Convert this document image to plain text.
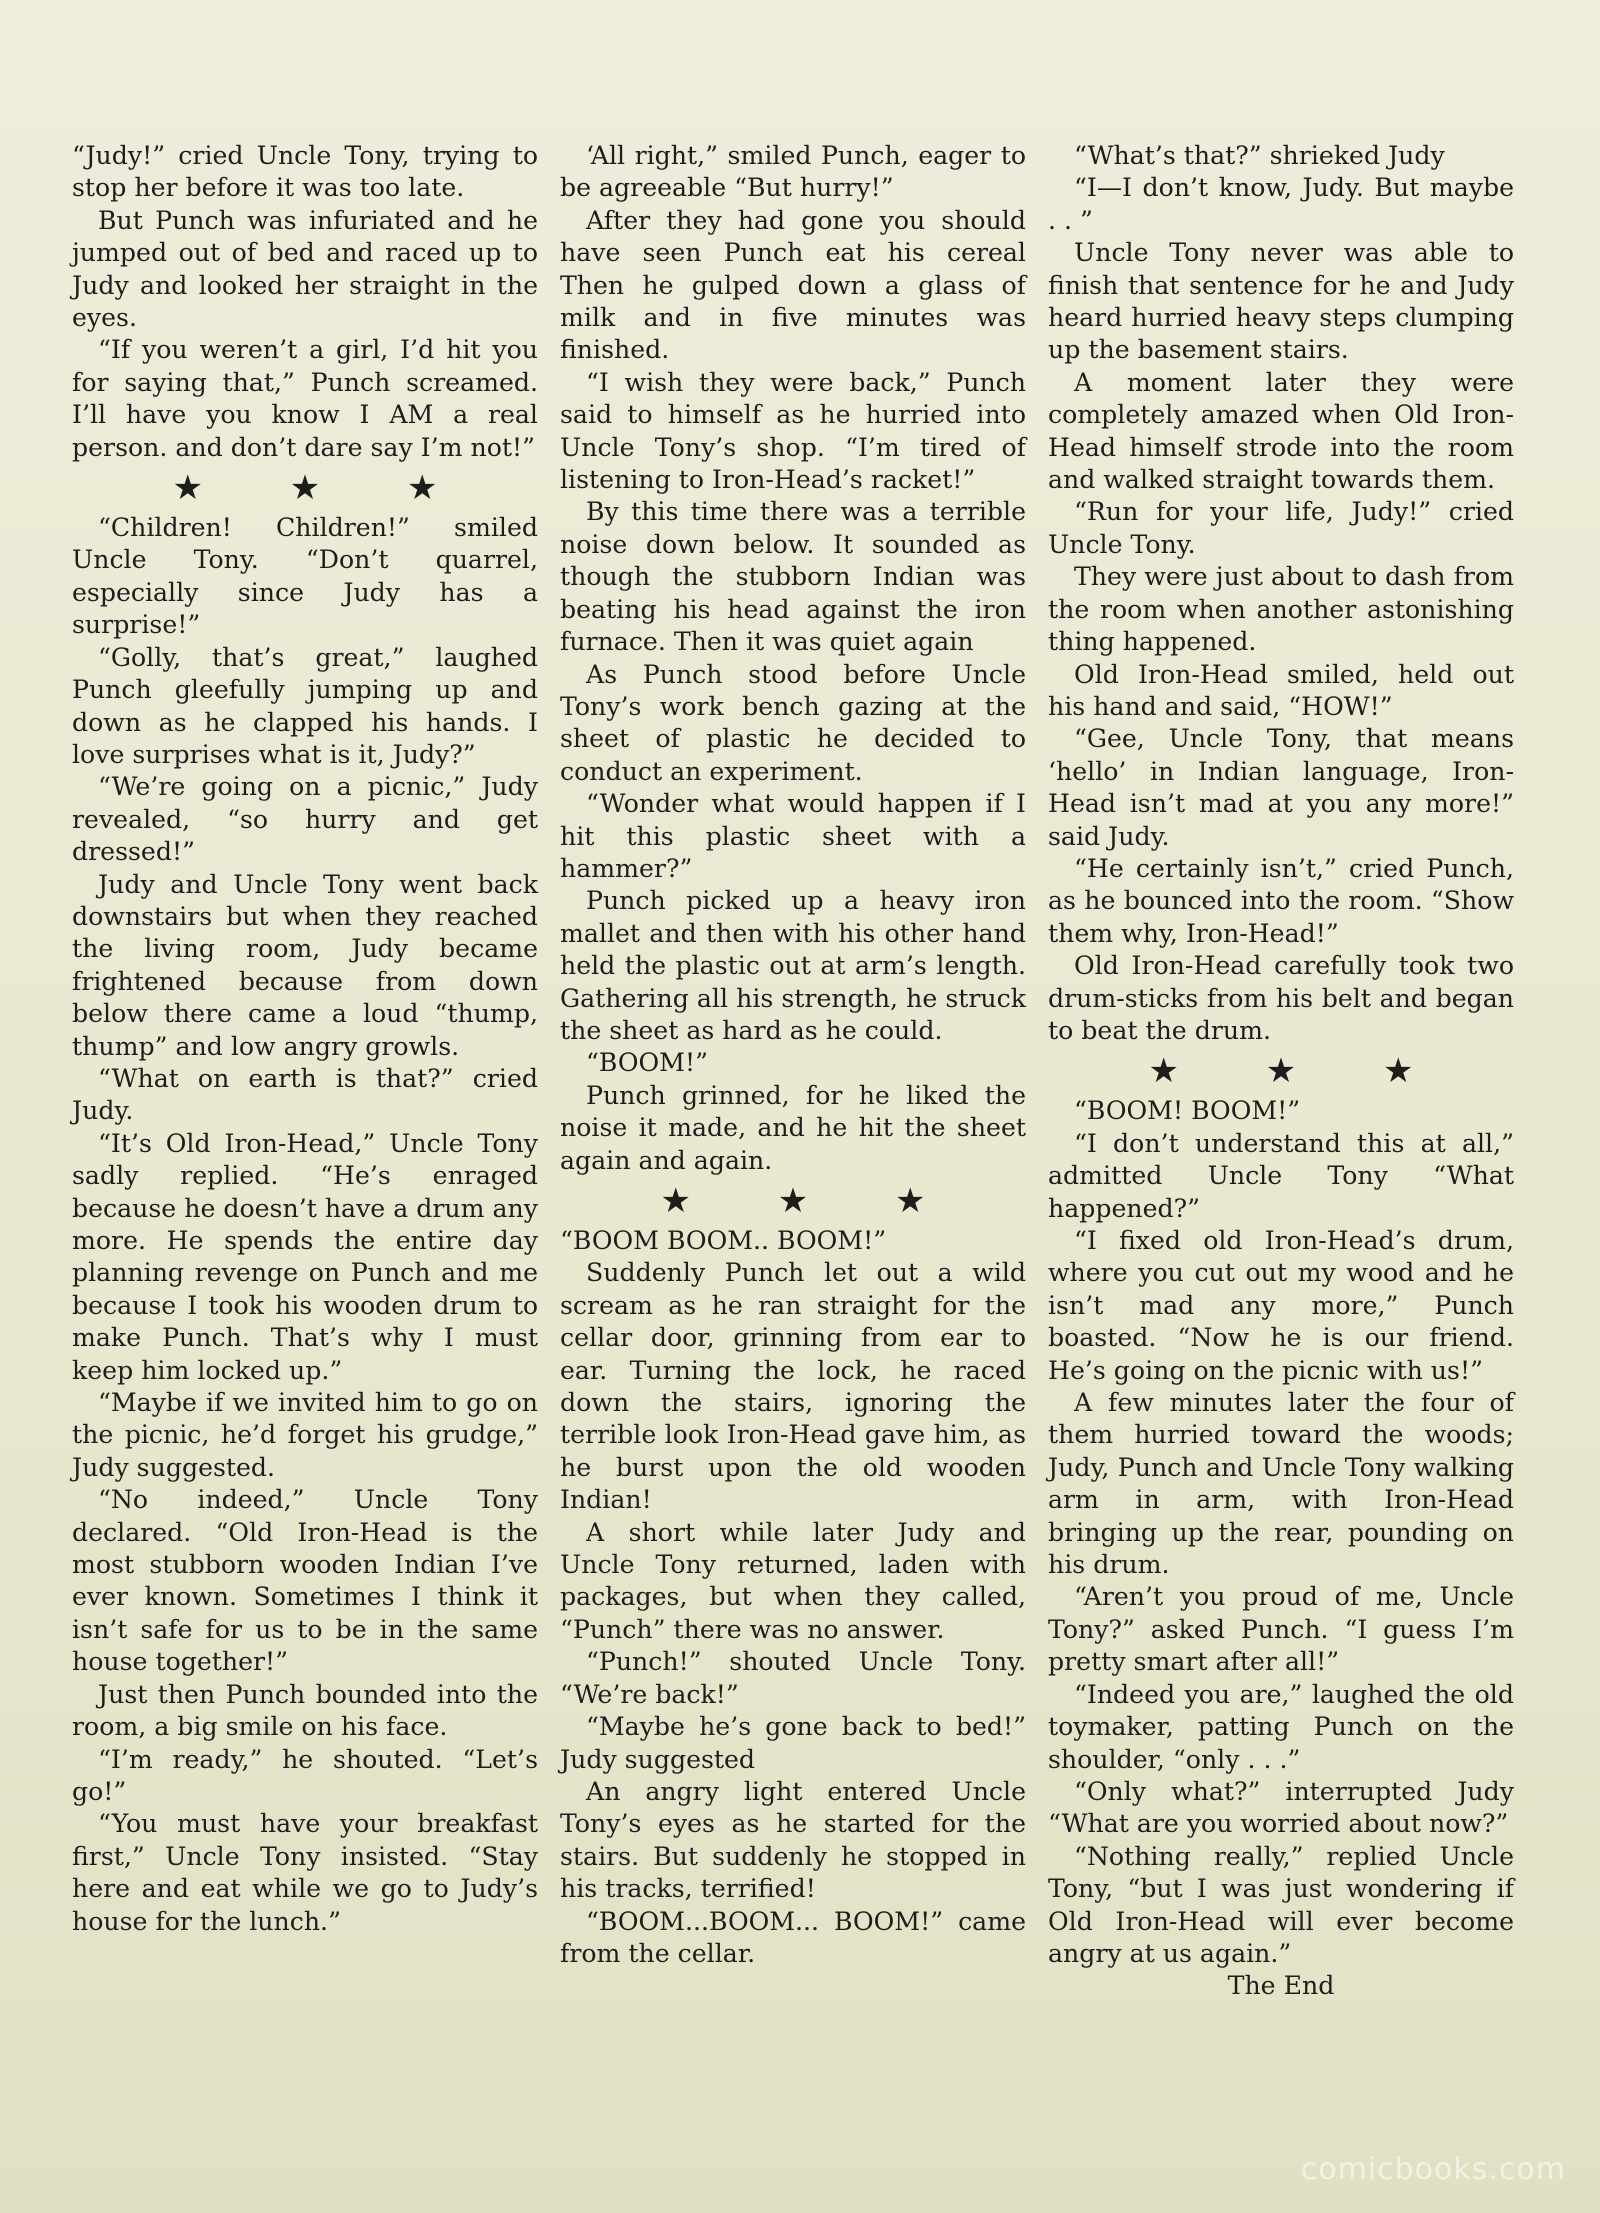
“Judy!” cried Uncle Tony, trying to stop her before it was too late.

But Punch was infuriated and he jumped out of bed and raced up to Judy and looked her straight in the eyes.

“If you weren’t a girl, I’d hit you for saying that,” Punch screamed. I’ll have you know I AM a real person. and don’t dare say I’m not!”

★ ★ ★

“Children! Children!” smiled Uncle Tony. “Don’t quarrel, especially since Judy has a surprise!”

“Golly, that’s great,” laughed Punch gleefully jumping up and down as he clapped his hands. I love surprises what is it, Judy?”

“We’re going on a picnic,” Judy revealed, “so hurry and get dressed!”

Judy and Uncle Tony went back downstairs but when they reached the living room, Judy became frightened because from down below there came a loud “thump, thump” and low angry growls.

“What on earth is that?” cried Judy.

“It’s Old Iron-Head,” Uncle Tony sadly replied. “He’s enraged because he doesn’t have a drum any more. He spends the entire day planning revenge on Punch and me because I took his wooden drum to make Punch. That’s why I must keep him locked up.”

“Maybe if we invited him to go on the picnic, he’d forget his grudge,” Judy suggested.

“No indeed,” Uncle Tony declared. “Old Iron-Head is the most stubborn wooden Indian I’ve ever known. Sometimes I think it isn’t safe for us to be in the same house together!”

Just then Punch bounded into the room, a big smile on his face.

“I’m ready,” he shouted. “Let’s go!”

“You must have your breakfast first,” Uncle Tony insisted. “Stay here and eat while we go to Judy’s house for the lunch.”

‘All right,” smiled Punch, eager to be agreeable “But hurry!”

After they had gone you should have seen Punch eat his cereal Then he gulped down a glass of milk and in five minutes was finished.

“I wish they were back,” Punch said to himself as he hurried into Uncle Tony’s shop. “I’m tired of listening to Iron-Head’s racket!”

By this time there was a terrible noise down below. It sounded as though the stubborn Indian was beating his head against the iron furnace. Then it was quiet again

As Punch stood before Uncle Tony’s work bench gazing at the sheet of plastic he decided to conduct an experiment.

“Wonder what would happen if I hit this plastic sheet with a hammer?”

Punch picked up a heavy iron mallet and then with his other hand held the plastic out at arm’s length. Gathering all his strength, he struck the sheet as hard as he could.

“BOOM!”

Punch grinned, for he liked the noise it made, and he hit the sheet again and again.

★ ★ ★

“BOOM BOOM.. BOOM!”

Suddenly Punch let out a wild scream as he ran straight for the cellar door, grinning from ear to ear. Turning the lock, he raced down the stairs, ignoring the terrible look Iron-Head gave him, as he burst upon the old wooden Indian!

A short while later Judy and Uncle Tony returned, laden with packages, but when they called, “Punch” there was no answer.

“Punch!” shouted Uncle Tony. “We’re back!”

“Maybe he’s gone back to bed!” Judy suggested

An angry light entered Uncle Tony’s eyes as he started for the stairs. But suddenly he stopped in his tracks, terrified!

“BOOM...BOOM... BOOM!” came from the cellar.

“What’s that?” shrieked Judy

“I—I don’t know, Judy. But maybe . . ”

Uncle Tony never was able to finish that sentence for he and Judy heard hurried heavy steps clumping up the basement stairs.

A moment later they were completely amazed when Old Iron-Head himself strode into the room and walked straight towards them.

“Run for your life, Judy!” cried Uncle Tony.

They were just about to dash from the room when another astonishing thing happened.

Old Iron-Head smiled, held out his hand and said, “HOW!”

“Gee, Uncle Tony, that means ‘hello’ in Indian language, Iron-Head isn’t mad at you any more!” said Judy.

“He certainly isn’t,” cried Punch, as he bounced into the room. “Show them why, Iron-Head!”

Old Iron-Head carefully took two drum-sticks from his belt and began to beat the drum.

★ ★ ★

“BOOM! BOOM!”

“I don’t understand this at all,” admitted Uncle Tony “What happened?”

“I fixed old Iron-Head’s drum, where you cut out my wood and he isn’t mad any more,” Punch boasted. “Now he is our friend. He’s going on the picnic with us!”

A few minutes later the four of them hurried toward the woods; Judy, Punch and Uncle Tony walking arm in arm, with Iron-Head bringing up the rear, pounding on his drum.

“Aren’t you proud of me, Uncle Tony?” asked Punch. “I guess I’m pretty smart after all!”

“Indeed you are,” laughed the old toymaker, patting Punch on the shoulder, “only . . .”

“Only what?” interrupted Judy “What are you worried about now?”

“Nothing really,” replied Uncle Tony, “but I was just wondering if Old Iron-Head will ever become angry at us again.”

The End

comicbooks.com
